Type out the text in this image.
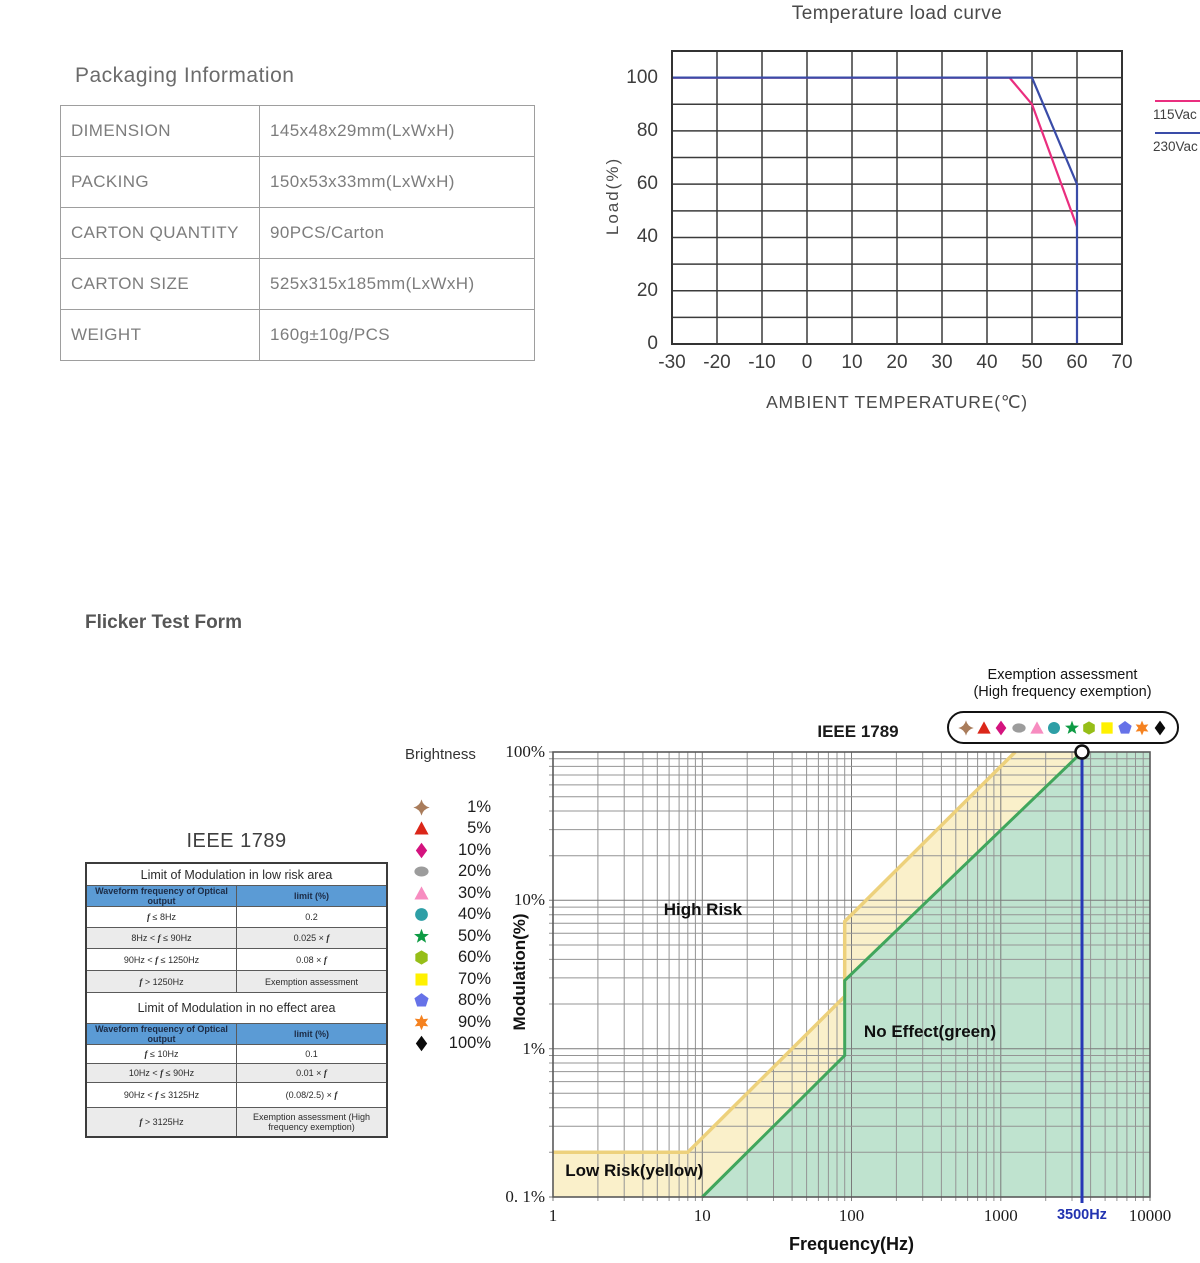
Packaging Information
DIMENSION	145x48x29mm(LxWxH)
PACKING	150x53x33mm(LxWxH)
CARTON QUANTITY	90PCS/Carton
CARTON SIZE	525x315x185mm(LxWxH)
WEIGHT	160g±10g/PCS
Temperature load curve
0
20
40
60
80
100
-30 -20 -10	0	10	20	30	40	50	60	70
Load(%)
AMBIENT TEMPERATURE(℃)
115Vac
230Vac
Flicker Test Form
IEEE 1789
Limit of Modulation in low risk area	
Waveform frequency of Optical output	limit (%)
f ≤ 8Hz	0.2
8Hz < f ≤ 90Hz	0.025 × f
90Hz < f ≤ 1250Hz	0.08 × f
f > 1250Hz	Exemption assessment
Limit of Modulation in no effect area	
Waveform frequency of Optical output	limit (%)
f ≤ 10Hz	0.1
10Hz < f ≤ 90Hz	0.01 × f
90Hz < f ≤ 3125Hz	(0.08/2.5) × f
f > 3125Hz	Exemption assessment (High frequency exemption)
Brightness
1%
5%
10%
20%
30%
40%
50%
60%
70%
80%
90%
100%
Exemption assessment
(High frequency exemption)
IEEE 1789
100%
10%
1%
0. 1%
1	10	100	1000	10000
3500Hz
High Risk
No Effect(green)
Low Risk(yellow)
Frequency(Hz)
Modulation(%)
